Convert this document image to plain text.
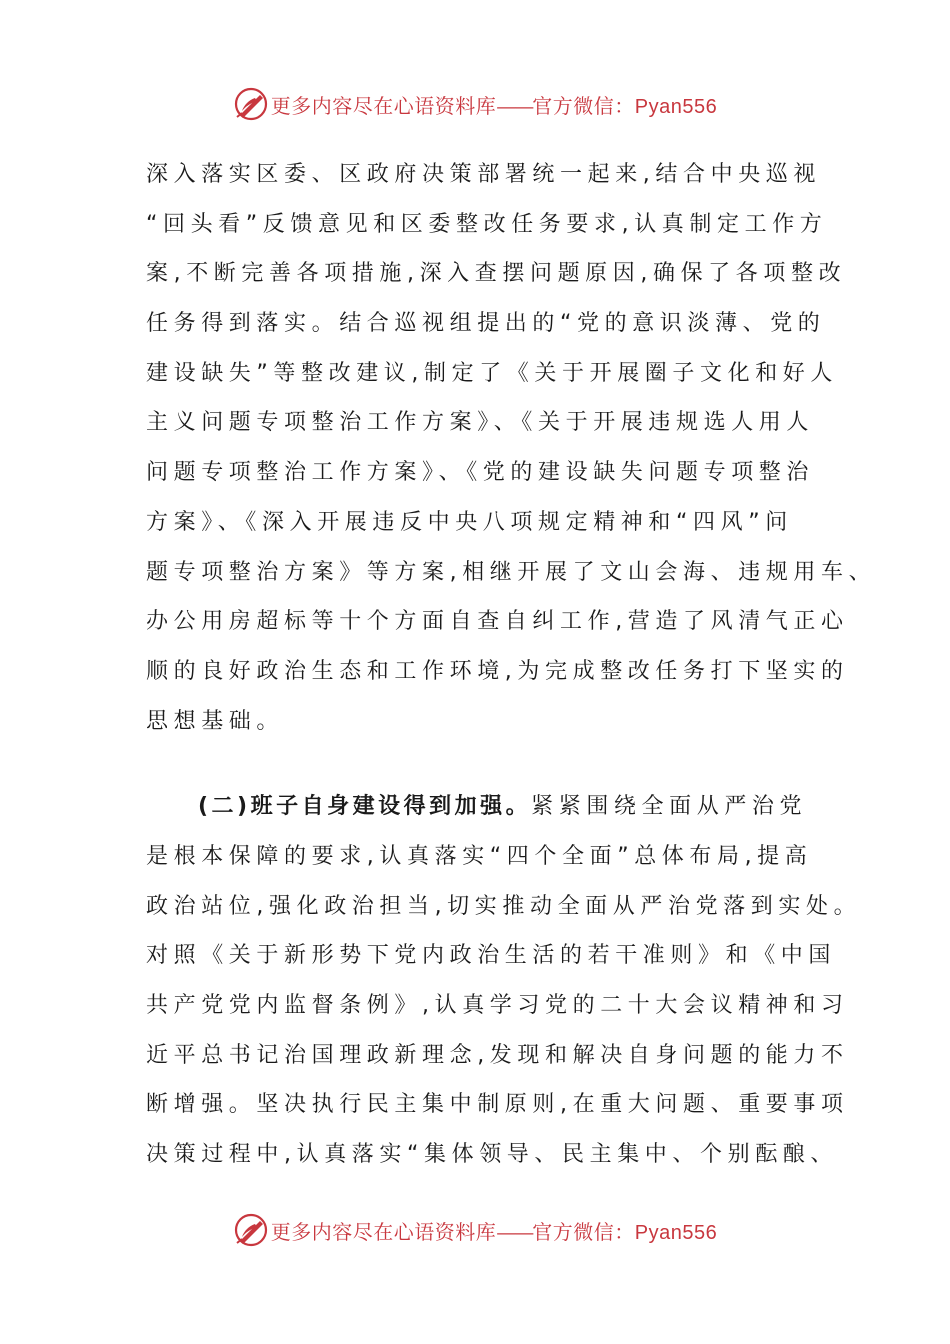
更多内容尽在心语资料库——官方微信：Pyan556
深入落实区委、区政府决策部署统一起来,结合中央巡视
“回头看”反馈意见和区委整改任务要求,认真制定工作方
案,不断完善各项措施,深入查摆问题原因,确保了各项整改
任务得到落实。结合巡视组提出的“党的意识淡薄、党的
建设缺失”等整改建议,制定了《关于开展圈子文化和好人
主义问题专项整治工作方案》、《关于开展违规选人用人
问题专项整治工作方案》、《党的建设缺失问题专项整治
方案》、《深入开展违反中央八项规定精神和“四风”问
题专项整治方案》等方案,相继开展了文山会海、违规用车、
办公用房超标等十个方面自查自纠工作,营造了风清气正心
顺的良好政治生态和工作环境,为完成整改任务打下坚实的
思想基础。
(二)班子自身建设得到加强。紧紧围绕全面从严治党
是根本保障的要求,认真落实“四个全面”总体布局,提高
政治站位,强化政治担当,切实推动全面从严治党落到实处。
对照《关于新形势下党内政治生活的若干准则》和《中国
共产党党内监督条例》,认真学习党的二十大会议精神和习
近平总书记治国理政新理念,发现和解决自身问题的能力不
断增强。坚决执行民主集中制原则,在重大问题、重要事项
决策过程中,认真落实“集体领导、民主集中、个别酝酿、
更多内容尽在心语资料库——官方微信：Pyan556
